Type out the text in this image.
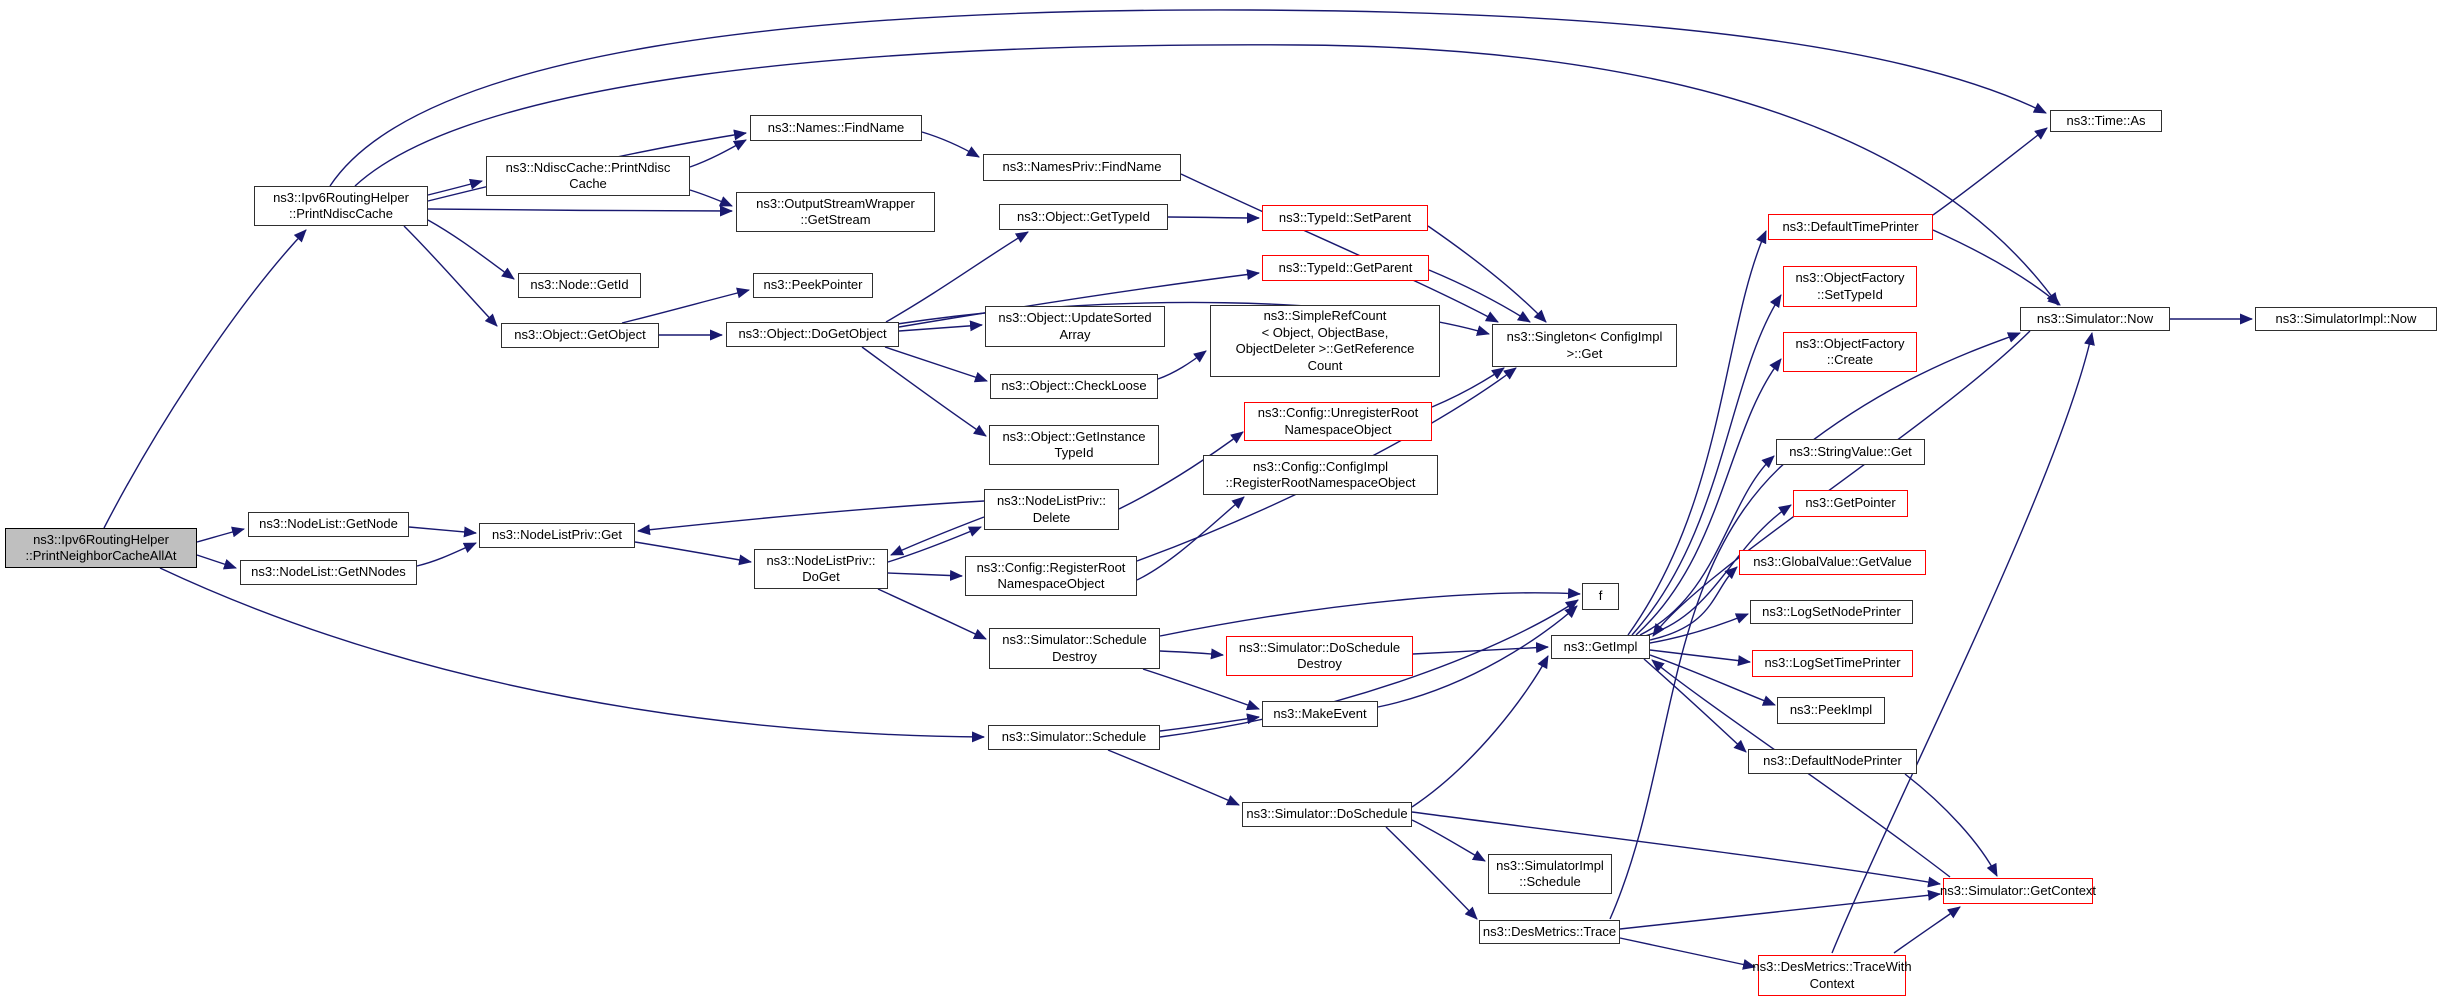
ns3::Ipv6RoutingHelper
::PrintNeighborCacheAllAt
ns3::Ipv6RoutingHelper
::PrintNdiscCache
ns3::NdiscCache::PrintNdisc
Cache
ns3::Names::FindName
ns3::OutputStreamWrapper
::GetStream
ns3::NamesPriv::FindName
ns3::Object::GetTypeId	ns3::TypeId::SetParent
ns3::TypeId::GetParent
ns3::Node::GetId	ns3::PeekPointer
ns3::Object::GetObject	ns3::Object::DoGetObject
ns3::Object::UpdateSorted
Array
ns3::SimpleRefCount
< Object, ObjectBase,
ObjectDeleter >::GetReference
Count
ns3::Object::CheckLoose
ns3::Object::GetInstance
TypeId
ns3::Singleton< ConfigImpl
>::Get
ns3::Config::UnregisterRoot
NamespaceObject
ns3::Config::ConfigImpl
::RegisterRootNamespaceObject
ns3::NodeList::GetNode
ns3::NodeList::GetNNodes
ns3::NodeListPriv::Get
ns3::NodeListPriv::
Delete
ns3::NodeListPriv::
DoGet
ns3::Config::RegisterRoot
NamespaceObject
ns3::Simulator::Schedule
Destroy
ns3::Simulator::DoSchedule
Destroy
ns3::MakeEvent
ns3::Simulator::Schedule
f
ns3::GetImpl
ns3::Simulator::DoSchedule
ns3::SimulatorImpl
::Schedule
ns3::DesMetrics::Trace
ns3::GlobalValue::GetValue
ns3::LogSetNodePrinter
ns3::LogSetTimePrinter
ns3::PeekImpl
ns3::DefaultNodePrinter
ns3::DefaultTimePrinter
ns3::ObjectFactory
::SetTypeId
ns3::ObjectFactory
::Create
ns3::StringValue::Get
ns3::GetPointer
ns3::Time::As
ns3::Simulator::Now	ns3::SimulatorImpl::Now
ns3::Simulator::GetContext
ns3::DesMetrics::TraceWith
Context
